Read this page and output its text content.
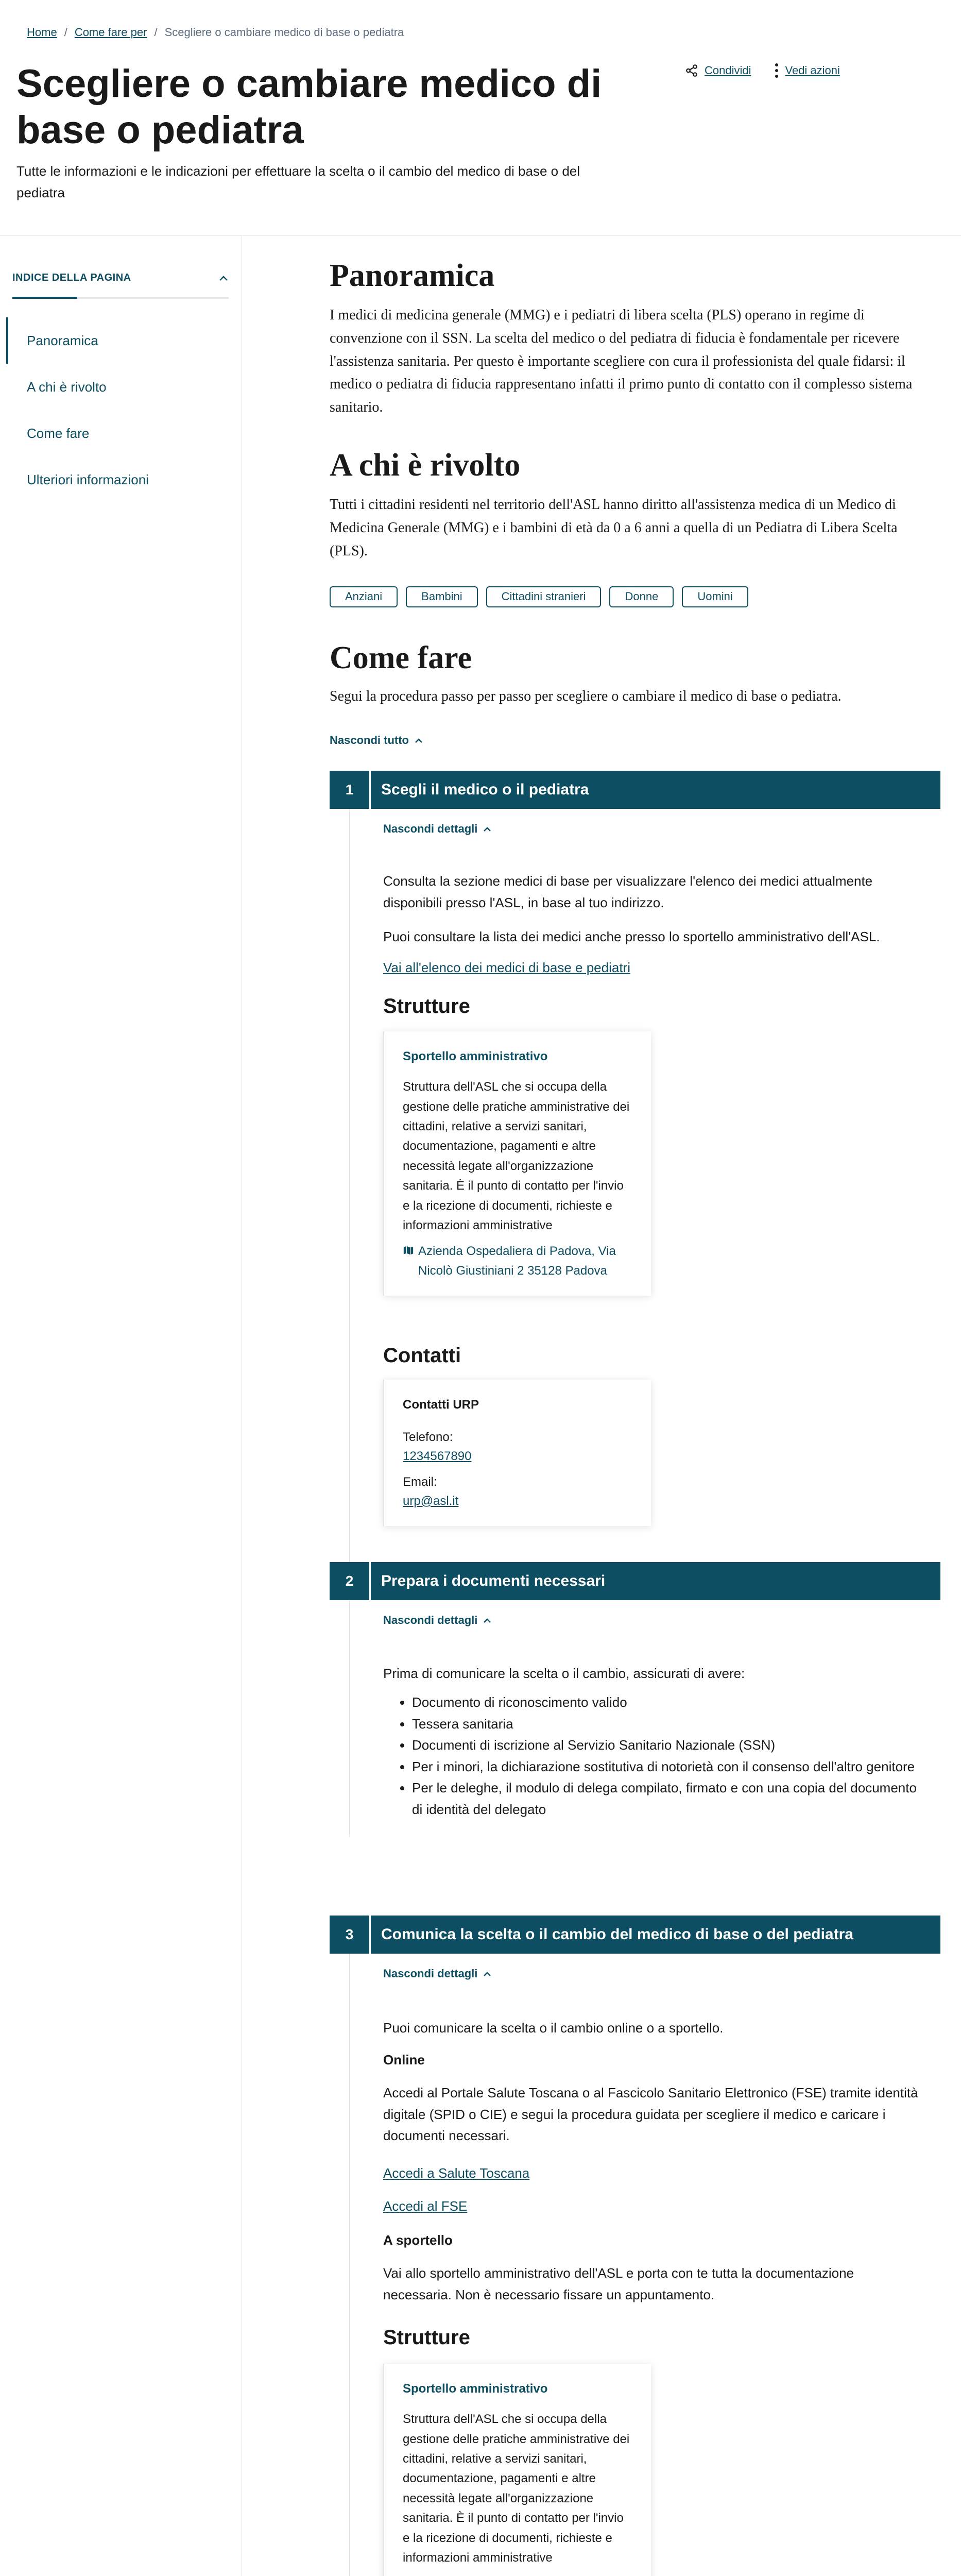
Home / Come fare per / Scegliere o cambiare medico di base o pediatra
Scegliere o cambiare medico di base o pediatra

Tutte le informazioni e le indicazioni per effettuare la scelta o il cambio del medico di base o del pediatra

Condividi	Vedi azioni
INDICE DELLA PAGINA
Panoramica
A chi è rivolto
Come fare
Ulteriori informazioni
Panoramica

I medici di medicina generale (MMG) e i pediatri di libera scelta (PLS) operano in regime di convenzione con il SSN. La scelta del medico o del pediatra di fiducia è fondamentale per ricevere l'assistenza sanitaria. Per questo è importante scegliere con cura il professionista del quale fidarsi: il medico o pediatra di fiducia rappresentano infatti il primo punto di contatto con il complesso sistema sanitario.

A chi è rivolto

Tutti i cittadini residenti nel territorio dell'ASL hanno diritto all'assistenza medica di un Medico di Medicina Generale (MMG) e i bambini di età da 0 a 6 anni a quella di un Pediatra di Libera Scelta (PLS).

Anziani	Bambini	Cittadini stranieri	Donne	Uomini
Come fare

Segui la procedura passo per passo per scegliere o cambiare il medico di base o pediatra.

Nascondi tutto
1	Scegli il medico o il pediatra
Nascondi dettagli

Consulta la sezione medici di base per visualizzare l'elenco dei medici attualmente disponibili presso l'ASL, in base al tuo indirizzo.

Puoi consultare la lista dei medici anche presso lo sportello amministrativo dell'ASL.

Vai all'elenco dei medici di base e pediatri
Strutture
Sportello amministrativo
Struttura dell'ASL che si occupa della gestione delle pratiche amministrative dei cittadini, relative a servizi sanitari, documentazione, pagamenti e altre necessità legate all'organizzazione sanitaria. È il punto di contatto per l'invio e la ricezione di documenti, richieste e informazioni amministrative
Azienda Ospedaliera di Padova, Via Nicolò Giustiniani 2 35128 Padova
Contatti
Contatti URP
Telefono:
1234567890
Email:
urp@asl.it
2	Prepara i documenti necessari
Nascondi dettagli

Prima di comunicare la scelta o il cambio, assicurati di avere:

• Documento di riconoscimento valido
• Tessera sanitaria
• Documenti di iscrizione al Servizio Sanitario Nazionale (SSN)
• Per i minori, la dichiarazione sostitutiva di notorietà con il consenso dell'altro genitore
• Per le deleghe, il modulo di delega compilato, firmato e con una copia del documento di identità del delegato
3	Comunica la scelta o il cambio del medico di base o del pediatra
Nascondi dettagli

Puoi comunicare la scelta o il cambio online o a sportello.

Online

Accedi al Portale Salute Toscana o al Fascicolo Sanitario Elettronico (FSE) tramite identità digitale (SPID o CIE) e segui la procedura guidata per scegliere il medico e caricare i documenti necessari.

Accedi a Salute Toscana
Accedi al FSE

A sportello

Vai allo sportello amministrativo dell'ASL e porta con te tutta la documentazione necessaria. Non è necessario fissare un appuntamento.

Strutture
Sportello amministrativo
Struttura dell'ASL che si occupa della gestione delle pratiche amministrative dei cittadini, relative a servizi sanitari, documentazione, pagamenti e altre necessità legate all'organizzazione sanitaria. È il punto di contatto per l'invio e la ricezione di documenti, richieste e informazioni amministrative
